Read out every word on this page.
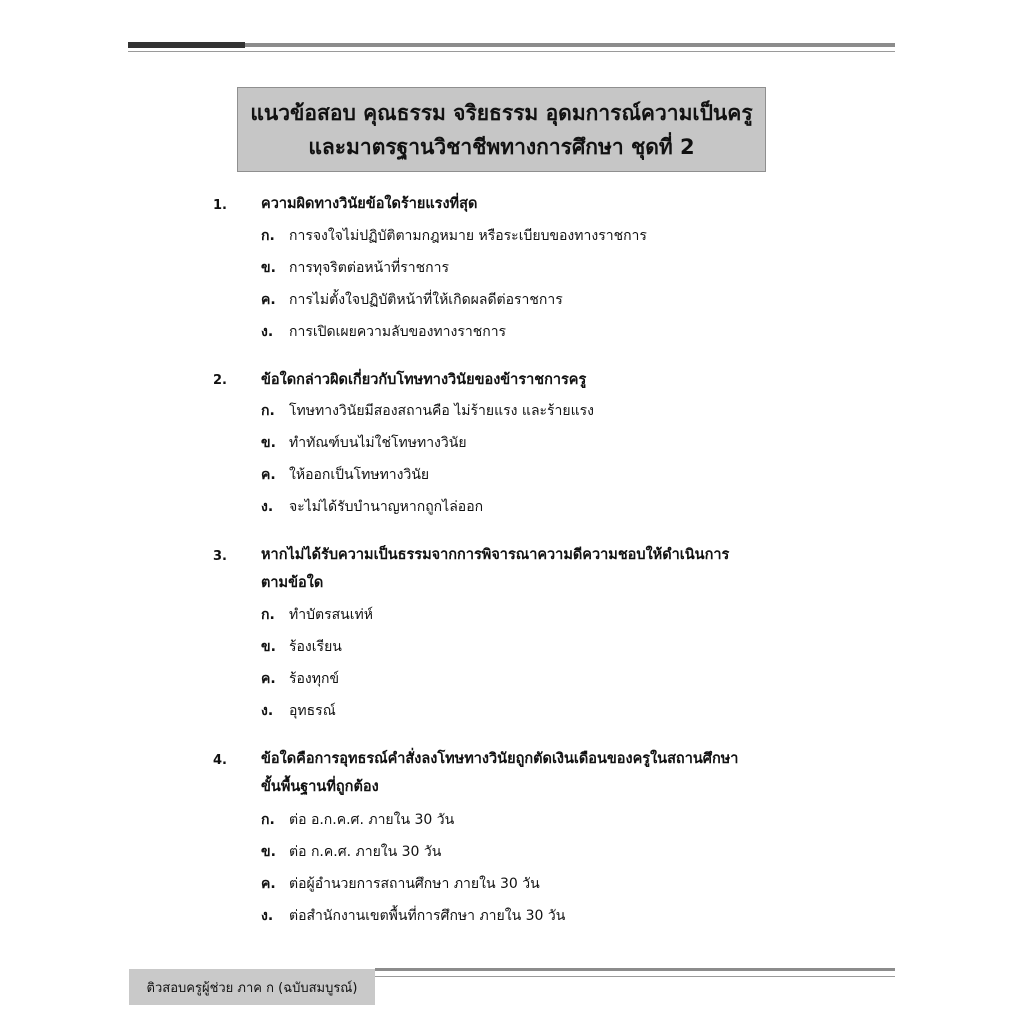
แนวข้อสอบ คุณธรรม จริยธรรม อุดมการณ์ความเป็นครู
และมาตรฐานวิชาชีพทางการศึกษา ชุดที่ 2
1. ความผิดทางวินัยข้อใดร้ายแรงที่สุด
ก. การจงใจไม่ปฏิบัติตามกฎหมาย หรือระเบียบของทางราชการ
ข. การทุจริตต่อหน้าที่ราชการ
ค. การไม่ตั้งใจปฏิบัติหน้าที่ให้เกิดผลดีต่อราชการ
ง. การเปิดเผยความลับของทางราชการ
2. ข้อใดกล่าวผิดเกี่ยวกับโทษทางวินัยของข้าราชการครู
ก. โทษทางวินัยมีสองสถานคือ ไม่ร้ายแรง และร้ายแรง
ข. ทำทัณฑ์บนไม่ใช่โทษทางวินัย
ค. ให้ออกเป็นโทษทางวินัย
ง. จะไม่ได้รับบำนาญหากถูกไล่ออก
3. หากไม่ได้รับความเป็นธรรมจากการพิจารณาความดีความชอบให้ดำเนินการ
ตามข้อใด
ก. ทำบัตรสนเท่ห์
ข. ร้องเรียน
ค. ร้องทุกข์
ง. อุทธรณ์
4. ข้อใดคือการอุทธรณ์คำสั่งลงโทษทางวินัยถูกตัดเงินเดือนของครูในสถานศึกษา
ขั้นพื้นฐานที่ถูกต้อง
ก. ต่อ อ.ก.ค.ศ. ภายใน 30 วัน
ข. ต่อ ก.ค.ศ. ภายใน 30 วัน
ค. ต่อผู้อำนวยการสถานศึกษา ภายใน 30 วัน
ง. ต่อสำนักงานเขตพื้นที่การศึกษา ภายใน 30 วัน
ติวสอบครูผู้ช่วย ภาค ก (ฉบับสมบูรณ์)
